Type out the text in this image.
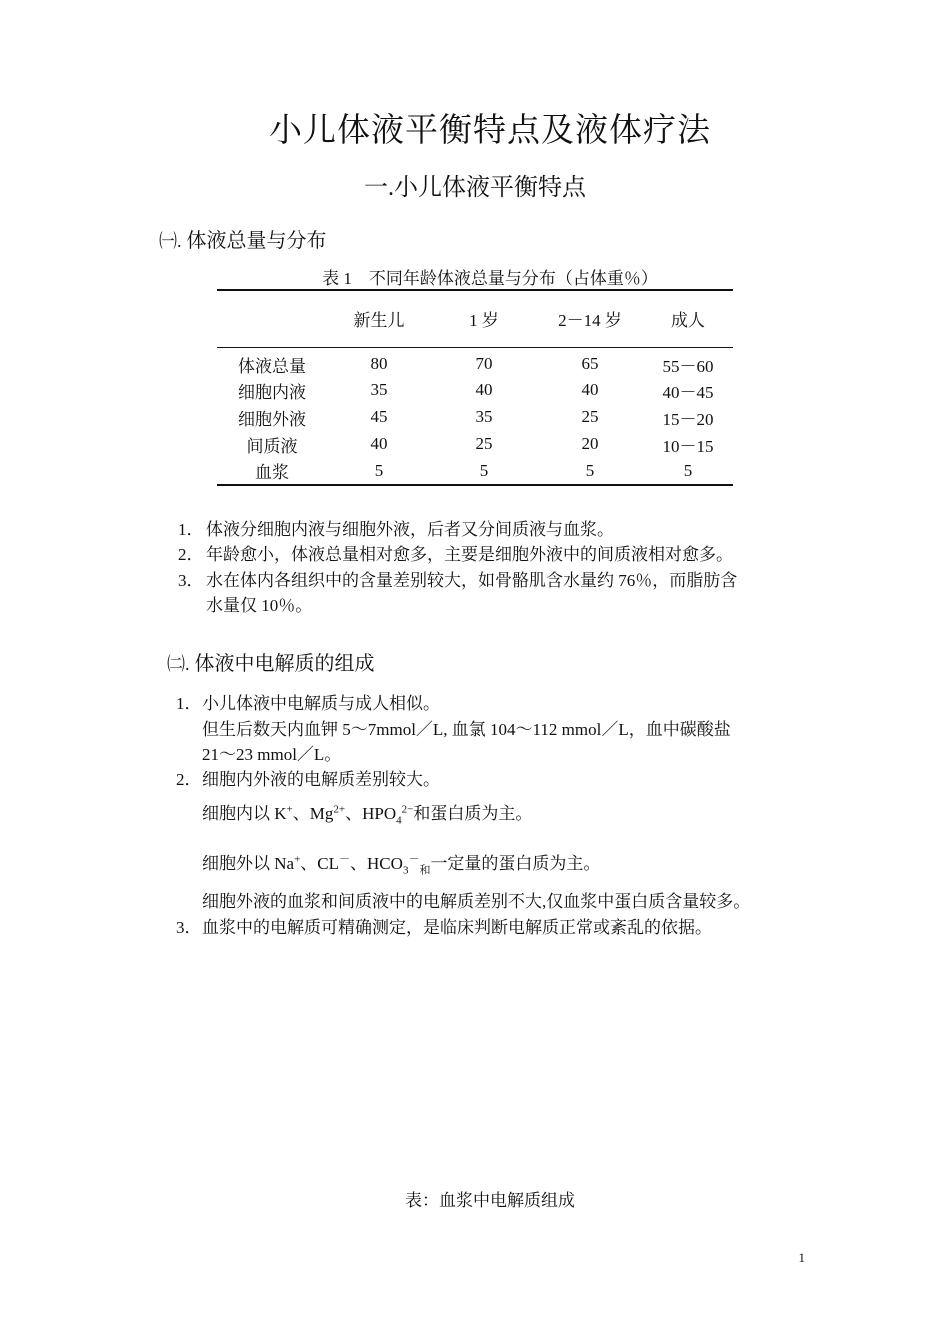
小儿体液平衡特点及液体疗法
一.小儿体液平衡特点
㈠. 体液总量与分布
表 1　不同年龄体液总量与分布（占体重％）
	新生儿	1 岁	2－14 岁	成人
体液总量	80	70	65	55－60
细胞内液	35	40	40	40－45
细胞外液	45	35	25	15－20
间质液	40	25	20	10－15
血浆	5	5	5	5
1． 体液分细胞内液与细胞外液，后者又分间质液与血浆。
2． 年龄愈小，体液总量相对愈多，主要是细胞外液中的间质液相对愈多。
3． 水在体内各组织中的含量差别较大，如骨骼肌含水量约 76％，而脂肪含
水量仅 10％。
㈡. 体液中电解质的组成
1． 小儿体液中电解质与成人相似。
但生后数天内血钾 5～7mmol／L, 血氯 104～112 mmol／L，血中碳酸盐
21～23 mmol／L。
2． 细胞内外液的电解质差别较大。
细胞内以 K+、$Mg^{2+}$、$HPO_4^{2-}$和蛋白质为主。
细胞外以 Na+、CL－、$HCO_3^-_和$一定量的蛋白质为主。
细胞外液的血浆和间质液中的电解质差别不大,仅血浆中蛋白质含量较多。
3． 血浆中的电解质可精确测定，是临床判断电解质正常或紊乱的依据。
表：血浆中电解质组成
1
